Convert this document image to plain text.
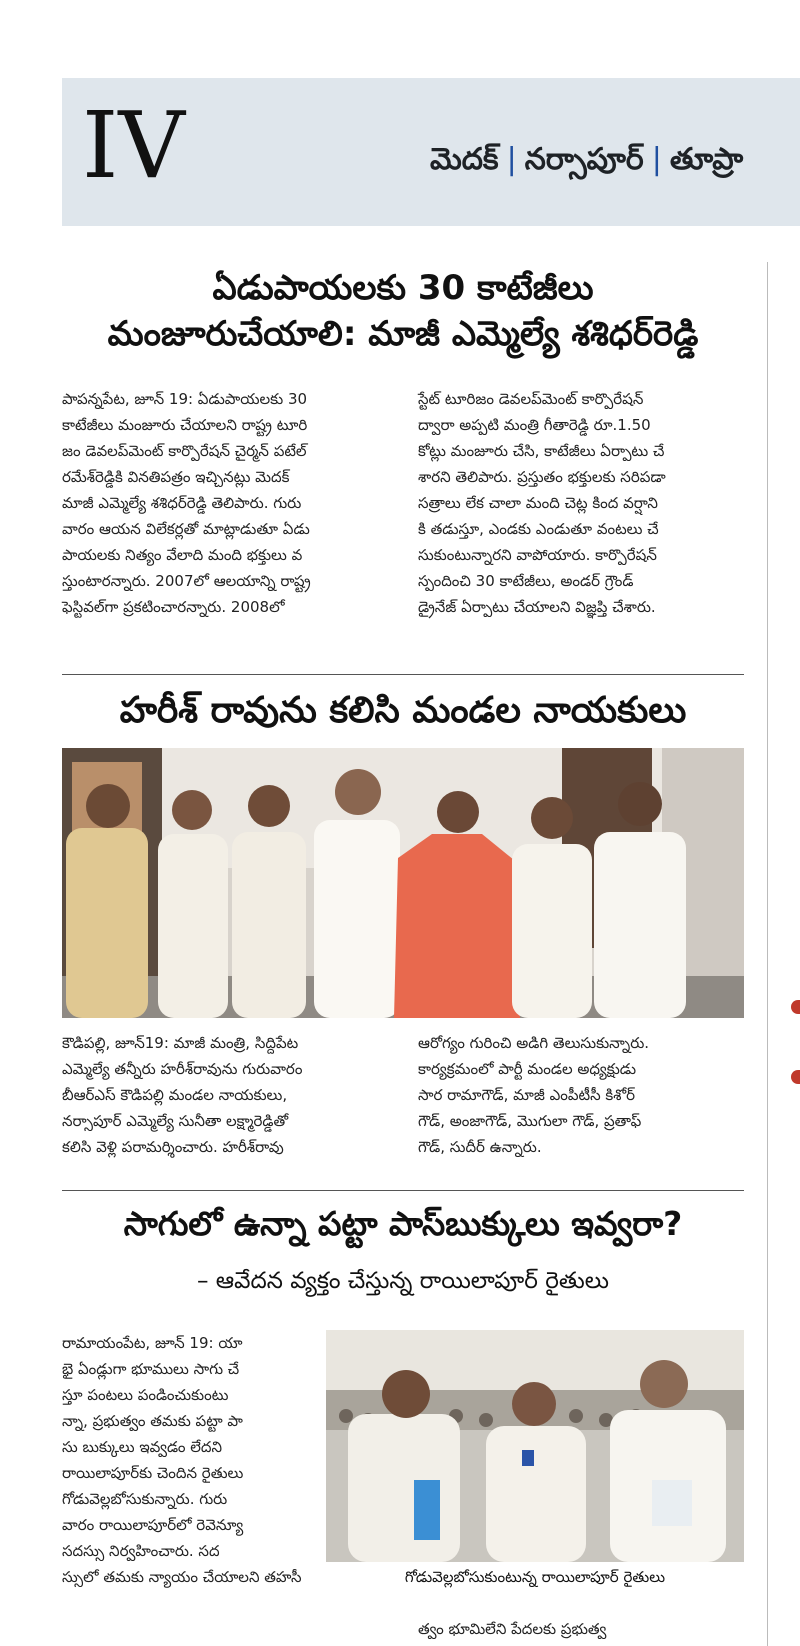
IV	మెదక్ | నర్సాపూర్ | తూప్రా
ఏడుపాయలకు 30 కాటేజీలు
మంజూరుచేయాలి: మాజీ ఎమ్మెల్యే శశిధర్‌రెడ్డి
పాపన్నపేట, జూన్ 19: ఏడుపాయలకు 30
కాటేజీలు మంజూరు చేయాలని రాష్ట్ర టూరి
జం డెవలప్‌మెంట్ కార్పొరేషన్ చైర్మన్ పటేల్
రమేశ్‌రెడ్డికి వినతిపత్రం ఇచ్చినట్లు మెదక్
మాజీ ఎమ్మెల్యే శశిధర్‌రెడ్డి తెలిపారు. గురు
వారం ఆయన విలేకర్లతో మాట్లాడుతూ ఏడు
పాయలకు నిత్యం వేలాది మంది భక్తులు వ
స్తుంటారన్నారు. 2007లో ఆలయాన్ని రాష్ట్ర
ఫెస్టివల్‌గా ప్రకటించారన్నారు. 2008లో
స్టేట్ టూరిజం డెవలప్‌మెంట్ కార్పొరేషన్
ద్వారా అప్పటి మంత్రి గీతారెడ్డి రూ.1.50
కోట్లు మంజూరు చేసి, కాటేజీలు ఏర్పాటు చే
శారని తెలిపారు. ప్రస్తుతం భక్తులకు సరిపడా
సత్రాలు లేక చాలా మంది చెట్ల కింద వర్షాని
కి తడుస్తూ, ఎండకు ఎండుతూ వంటలు చే
సుకుంటున్నారని వాపోయారు. కార్పొరేషన్
స్పందించి 30 కాటేజీలు, అండర్ గ్రౌండ్
డ్రైనేజ్ ఏర్పాటు చేయాలని విజ్ఞప్తి చేశారు.
హరీశ్ రావును కలిసి మండల నాయకులు
కౌడిపల్లి, జూన్19: మాజీ మంత్రి, సిద్దిపేట
ఎమ్మెల్యే తన్నీరు హరీశ్‌రావును గురువారం
బీఆర్‌ఎస్ కౌడిపల్లి మండల నాయకులు,
నర్సాపూర్ ఎమ్మెల్యే సునీతా లక్ష్మారెడ్డితో
కలిసి వెళ్లి పరామర్శించారు. హరీశ్‌రావు
ఆరోగ్యం గురించి అడిగి తెలుసుకున్నారు.
కార్యక్రమంలో పార్టీ మండల అధ్యక్షుడు
సార రామాగౌడ్, మాజీ ఎంపీటీసీ కిశోర్
గౌడ్, అంజాగౌడ్, మొగులా గౌడ్, ప్రతాఫ్
గౌడ్, సుదీర్ ఉన్నారు.
సాగులో ఉన్నా పట్టా పాస్‌బుక్కులు ఇవ్వరా?
– ఆవేదన వ్యక్తం చేస్తున్న రాయిలాపూర్ రైతులు
రామాయంపేట, జూన్ 19: యా
భై ఏండ్లుగా భూములు సాగు చే
స్తూ పంటలు పండించుకుంటు
న్నా, ప్రభుత్వం తమకు పట్టా పా
సు బుక్కులు ఇవ్వడం లేదని
రాయిలాపూర్‌కు చెందిన రైతులు
గోడువెల్లబోసుకున్నారు. గురు
వారం రాయిలాపూర్‌లో రెవెన్యూ
సదస్సు నిర్వహించారు. సద
స్సులో తమకు న్యాయం చేయాలని తహసీ	గోడువెల్లబోసుకుంటున్న రాయిలాపూర్ రైతులు
త్వం భూమిలేని పేదలకు ప్రభుత్వ
